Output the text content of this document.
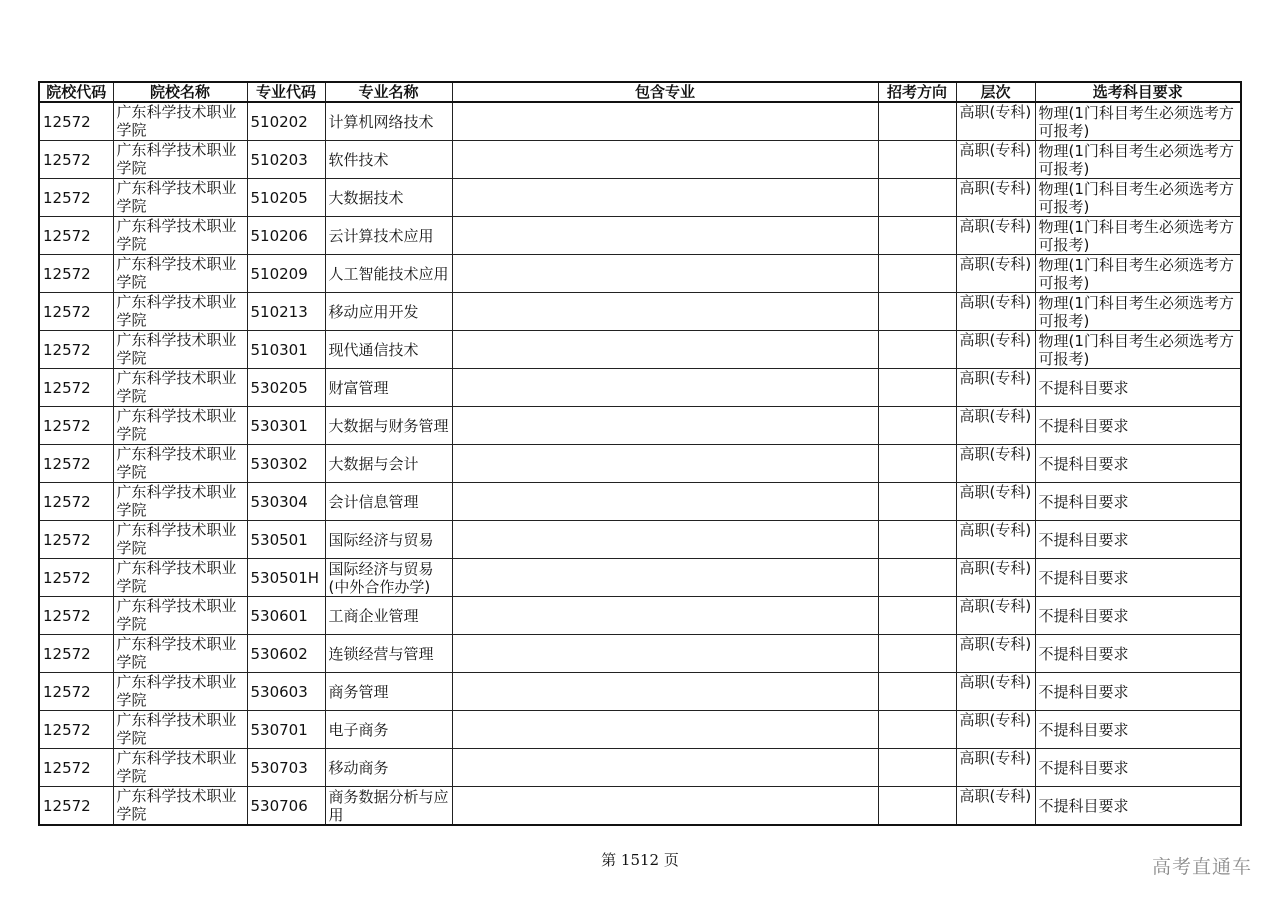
院校代码	院校名称	专业代码	专业名称	包含专业	招考方向	层次	选考科目要求
12572	广东科学技术职业学院	510202	计算机网络技术			高职(专科)	物理(1门科目考生必须选考方可报考)
12572	广东科学技术职业学院	510203	软件技术			高职(专科)	物理(1门科目考生必须选考方可报考)
12572	广东科学技术职业学院	510205	大数据技术			高职(专科)	物理(1门科目考生必须选考方可报考)
12572	广东科学技术职业学院	510206	云计算技术应用			高职(专科)	物理(1门科目考生必须选考方可报考)
12572	广东科学技术职业学院	510209	人工智能技术应用			高职(专科)	物理(1门科目考生必须选考方可报考)
12572	广东科学技术职业学院	510213	移动应用开发			高职(专科)	物理(1门科目考生必须选考方可报考)
12572	广东科学技术职业学院	510301	现代通信技术			高职(专科)	物理(1门科目考生必须选考方可报考)
12572	广东科学技术职业学院	530205	财富管理			高职(专科)	不提科目要求
12572	广东科学技术职业学院	530301	大数据与财务管理			高职(专科)	不提科目要求
12572	广东科学技术职业学院	530302	大数据与会计			高职(专科)	不提科目要求
12572	广东科学技术职业学院	530304	会计信息管理			高职(专科)	不提科目要求
12572	广东科学技术职业学院	530501	国际经济与贸易			高职(专科)	不提科目要求
12572	广东科学技术职业学院	530501H	国际经济与贸易(中外合作办学)			高职(专科)	不提科目要求
12572	广东科学技术职业学院	530601	工商企业管理			高职(专科)	不提科目要求
12572	广东科学技术职业学院	530602	连锁经营与管理			高职(专科)	不提科目要求
12572	广东科学技术职业学院	530603	商务管理			高职(专科)	不提科目要求
12572	广东科学技术职业学院	530701	电子商务			高职(专科)	不提科目要求
12572	广东科学技术职业学院	530703	移动商务			高职(专科)	不提科目要求
12572	广东科学技术职业学院	530706	商务数据分析与应用			高职(专科)	不提科目要求
第 1512 页	高考直通车
